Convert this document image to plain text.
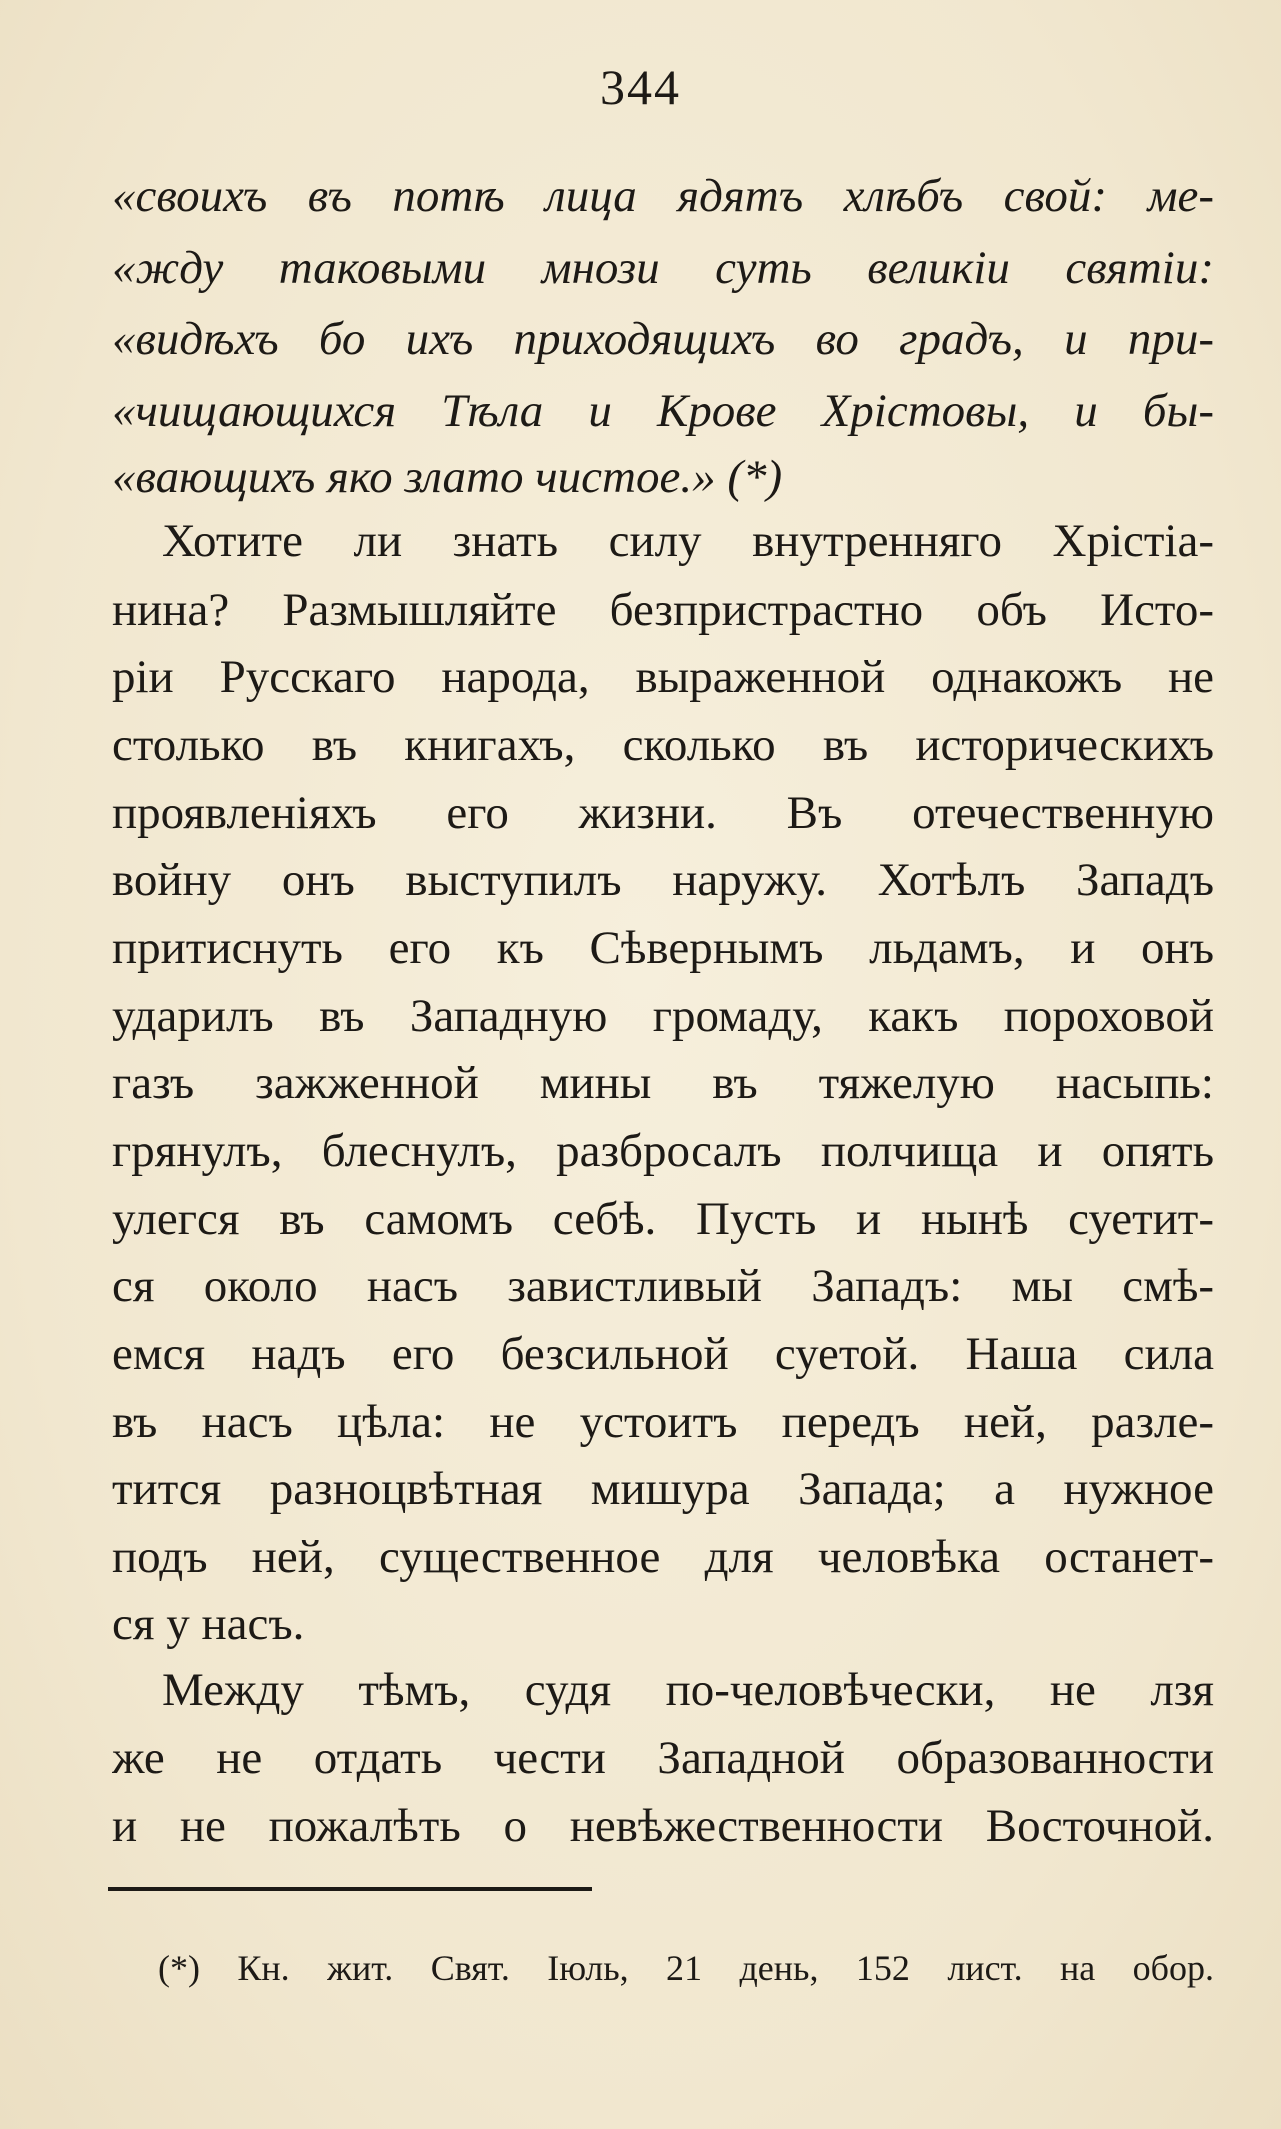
344
«своихъ въ потѣ лица ядятъ хлѣбъ свой: ме-
«жду таковыми мнози суть великіи святіи:
«видѣхъ бо ихъ приходящихъ во градъ, и при-
«чищающихся Тѣла и Крове Хрістовы, и бы-
«вающихъ яко злато чистое.» (*)
Хотите ли знать силу внутренняго Хрістіа-
нина? Размышляйте безпристрастно объ Исто-
ріи Русскаго народа, выраженной однакожъ не
столько въ книгахъ, сколько въ историческихъ
проявленіяхъ его жизни. Въ отечественную
войну онъ выступилъ наружу. Хотѣлъ Западъ
притиснуть его къ Сѣвернымъ льдамъ, и онъ
ударилъ въ Западную громаду, какъ пороховой
газъ зажженной мины въ тяжелую насыпь:
грянулъ, блеснулъ, разбросалъ полчища и опять
улегся въ самомъ себѣ. Пусть и нынѣ суетит-
ся около насъ завистливый Западъ: мы смѣ-
емся надъ его безсильной суетой. Наша сила
въ насъ цѣла: не устоитъ передъ ней, разле-
тится разноцвѣтная мишура Запада; а нужное
подъ ней, существенное для человѣка останет-
ся у насъ.
Между тѣмъ, судя по-человѣчески, не лзя
же не отдать чести Западной образованности
и не пожалѣть о невѣжественности Восточной.
(*) Кн. жит. Свят. Іюль, 21 день, 152 лист. на обор.
